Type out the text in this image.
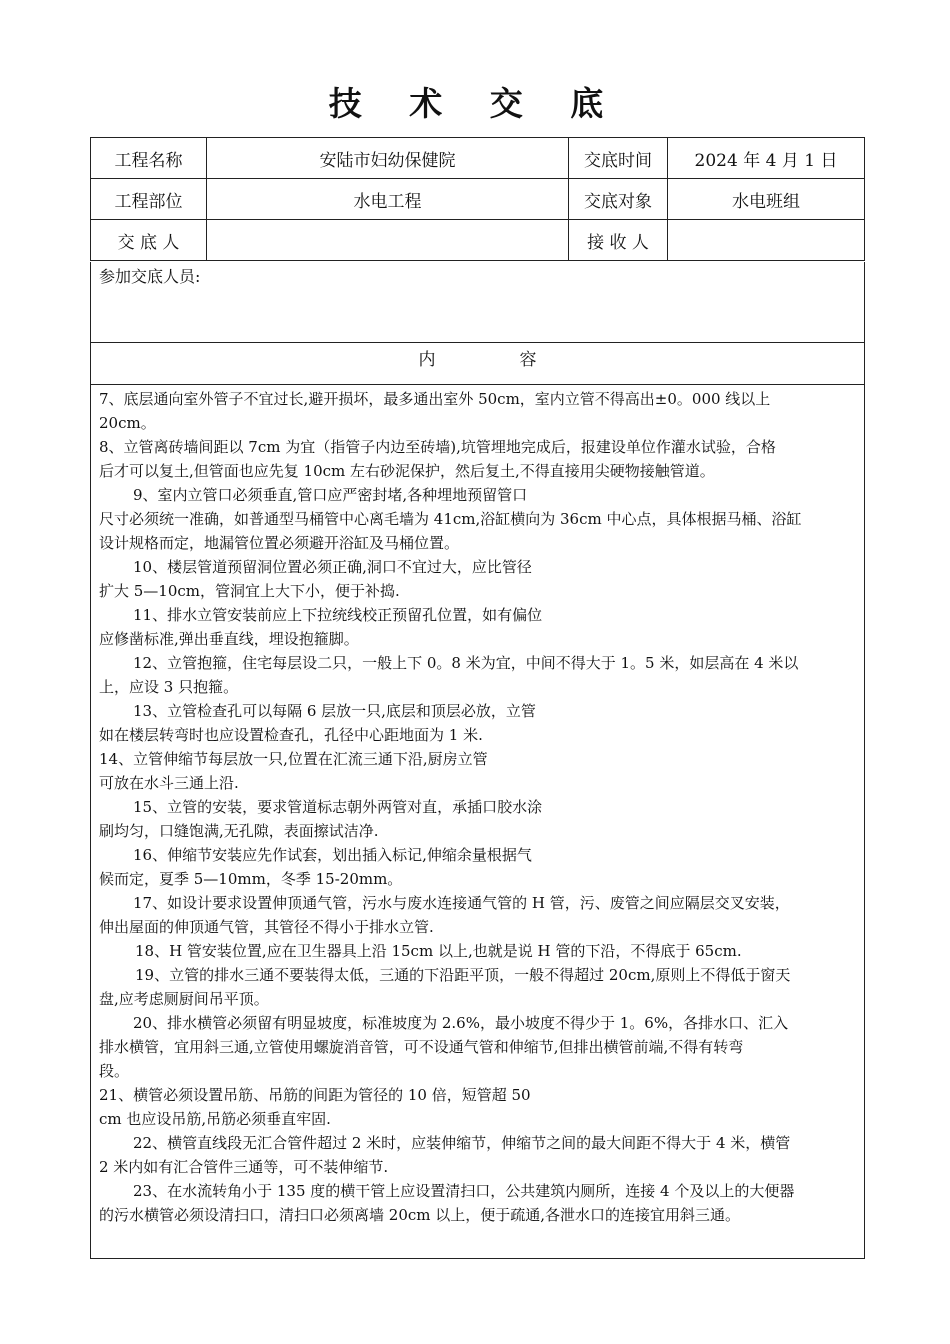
技 术 交 底
工程名称	安陆市妇幼保健院	交底时间	2024 年 4 月 1 日
工程部位	水电工程	交底对象	水电班组
交 底 人		接 收 人	
参加交底人员:
内容
7、底层通向室外管子不宜过长,避开损坏，最多通出室外 50cm，室内立管不得高出±0。000 线以上
20cm。
8、立管离砖墙间距以 7cm 为宜（指管子内边至砖墙),坑管埋地完成后，报建设单位作灌水试验，合格
后才可以复土,但管面也应先复 10cm 左右砂泥保护，然后复土,不得直接用尖硬物接触管道。
9、室内立管口必须垂直,管口应严密封堵,各种埋地预留管口
尺寸必须统一准确，如普通型马桶管中心离毛墙为 41cm,浴缸横向为 36cm 中心点，具体根据马桶、浴缸
设计规格而定，地漏管位置必须避开浴缸及马桶位置。
10、楼层管道预留洞位置必须正确,洞口不宜过大，应比管径
扩大 5—10cm，管洞宜上大下小，便于补捣.
11、排水立管安装前应上下拉统线校正预留孔位置，如有偏位
应修凿标准,弹出垂直线，埋设抱箍脚。
12、立管抱箍，住宅每层设二只，一般上下 0。8 米为宜，中间不得大于 1。5 米，如层高在 4 米以
上，应设 3 只抱箍。
13、立管检查孔可以每隔 6 层放一只,底层和顶层必放，立管
如在楼层转弯时也应设置检查孔，孔径中心距地面为 1 米.
14、立管伸缩节每层放一只,位置在汇流三通下沿,厨房立管
可放在水斗三通上沿.
15、立管的安装，要求管道标志朝外两管对直，承插口胶水涂
刷均匀，口缝饱满,无孔隙，表面擦试洁净.
16、伸缩节安装应先作试套，划出插入标记,伸缩余量根据气
候而定，夏季 5—10mm，冬季 15-20mm。
17、如设计要求设置伸顶通气管，污水与废水连接通气管的 H 管，污、废管之间应隔层交叉安装，
伸出屋面的伸顶通气管，其管径不得小于排水立管.
18、H 管安装位置,应在卫生器具上沿 15cm 以上,也就是说 H 管的下沿，不得底于 65cm.
19、立管的排水三通不要装得太低，三通的下沿距平顶，一般不得超过 20cm,原则上不得低于窗天
盘,应考虑厕厨间吊平顶。
20、排水横管必须留有明显坡度，标准坡度为 2.6%，最小坡度不得少于 1。6%，各排水口、汇入
排水横管，宜用斜三通,立管使用螺旋消音管，可不设通气管和伸缩节,但排出横管前端,不得有转弯
段。
21、横管必须设置吊筋、吊筋的间距为管径的 10 倍，短管超 50
cm 也应设吊筋,吊筋必须垂直牢固.
22、横管直线段无汇合管件超过 2 米时，应装伸缩节，伸缩节之间的最大间距不得大于 4 米，横管
2 米内如有汇合管件三通等，可不装伸缩节.
23、在水流转角小于 135 度的横干管上应设置清扫口，公共建筑内厕所，连接 4 个及以上的大便器
的污水横管必须设清扫口，清扫口必须离墙 20cm 以上，便于疏通,各泄水口的连接宜用斜三通。
